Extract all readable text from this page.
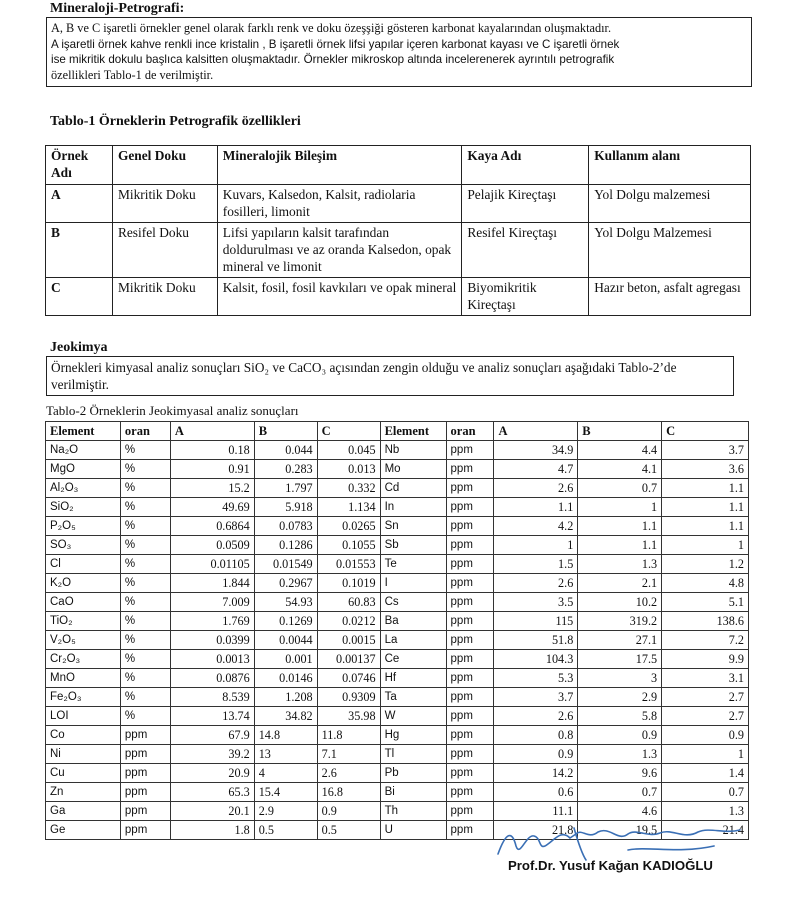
Mineraloji-Petrografi:

A, B ve C işaretli örnekler genel olarak farklı renk ve doku özeşşiği gösteren karbonat kayalarından oluşmaktadır.

A işaretli örnek kahve renkli ince kristalin , B işaretli örnek lifsi yapılar içeren karbonat kayası ve C işaretli örnek

ise mikritik dokulu başlıca kalsitten oluşmaktadır. Örnekler mikroskop altında incelerenerek ayrıntılı petrografik

özellikleri Tablo-1 de verilmiştir.

Tablo-1 Örneklerin Petrografik özellikleri
Örnek Adı	Genel Doku	Mineralojik Bileşim	Kaya Adı	Kullanım alanı
A	Mikritik Doku	Kuvars, Kalsedon, Kalsit, radiolaria fosilleri, limonit	Pelajik Kireçtaşı	Yol Dolgu malzemesi
B	Resifel Doku	Lifsi yapıların kalsit tarafından doldurulması ve az oranda Kalsedon, opak mineral ve limonit	Resifel Kireçtaşı	Yol Dolgu Malzemesi
C	Mikritik Doku	Kalsit, fosil, fosil kavkıları ve opak mineral	Biyomikritik Kireçtaşı	Hazır beton, asfalt agregası
Jeokimya

Örnekleri kimyasal analiz sonuçları SiO₂ ve CaCO₃ açısından zengin olduğu ve analiz sonuçları aşağıdaki Tablo-2’de verilmiştir.

Tablo-2 Örneklerin Jeokimyasal analiz sonuçları

Element	oran	A	B	C	Element	oran	A	B	C
Na₂O	%	0.18	0.044	0.045	Nb	ppm	34.9	4.4	3.7
MgO	%	0.91	0.283	0.013	Mo	ppm	4.7	4.1	3.6
Al₂O₃	%	15.2	1.797	0.332	Cd	ppm	2.6	0.7	1.1
SiO₂	%	49.69	5.918	1.134	In	ppm	1.1	1	1.1
P₂O₅	%	0.6864	0.0783	0.0265	Sn	ppm	4.2	1.1	1.1
SO₃	%	0.0509	0.1286	0.1055	Sb	ppm	1	1.1	1
Cl	%	0.01105	0.01549	0.01553	Te	ppm	1.5	1.3	1.2
K₂O	%	1.844	0.2967	0.1019	I	ppm	2.6	2.1	4.8
CaO	%	7.009	54.93	60.83	Cs	ppm	3.5	10.2	5.1
TiO₂	%	1.769	0.1269	0.0212	Ba	ppm	115	319.2	138.6
V₂O₅	%	0.0399	0.0044	0.0015	La	ppm	51.8	27.1	7.2
Cr₂O₃	%	0.0013	0.001	0.00137	Ce	ppm	104.3	17.5	9.9
MnO	%	0.0876	0.0146	0.0746	Hf	ppm	5.3	3	3.1
Fe₂O₃	%	8.539	1.208	0.9309	Ta	ppm	3.7	2.9	2.7
LOI	%	13.74	34.82	35.98	W	ppm	2.6	5.8	2.7
Co	ppm	67.9	14.8	11.8	Hg	ppm	0.8	0.9	0.9
Ni	ppm	39.2	13	7.1	Tl	ppm	0.9	1.3	1
Cu	ppm	20.9	4	2.6	Pb	ppm	14.2	9.6	1.4
Zn	ppm	65.3	15.4	16.8	Bi	ppm	0.6	0.7	0.7
Ga	ppm	20.1	2.9	0.9	Th	ppm	11.1	4.6	1.3
Ge	ppm	1.8	0.5	0.5	U	ppm	21.8	19.5	21.4
Prof.Dr. Yusuf Kağan KADIOĞLU
